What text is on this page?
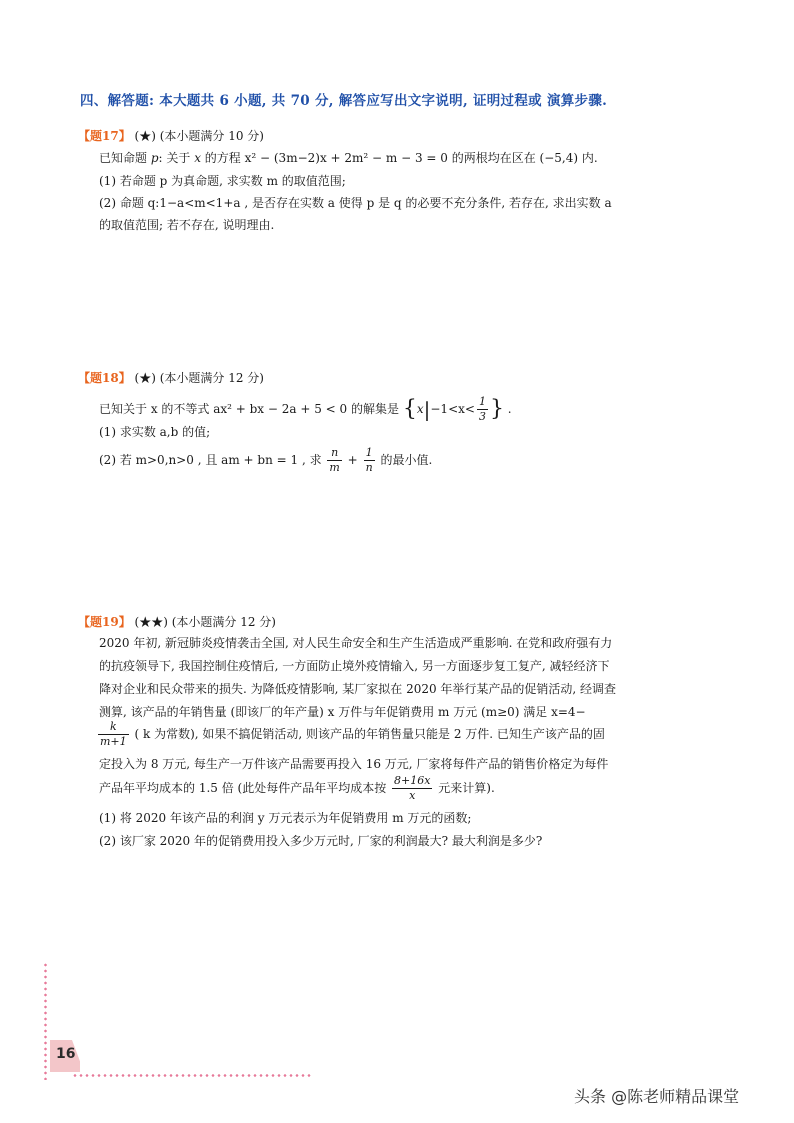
四、解答题: 本大题共 6 小题, 共 70 分, 解答应写出文字说明, 证明过程或 演算步骤.
【题17】 (★) (本小题满分 10 分)
已知命题 p: 关于 x 的方程 x² − (3m−2)x + 2m² − m − 3 = 0 的两根均在区在 (−5,4) 内.
(1) 若命题 p 为真命题, 求实数 m 的取值范围;
(2) 命题 q:1−a<m<1+a , 是否存在实数 a 使得 p 是 q 的必要不充分条件, 若存在, 求出实数 a
的取值范围; 若不存在, 说明理由.
【题18】 (★) (本小题满分 12 分)
已知关于 x 的不等式 ax² + bx − 2a + 5 < 0 的解集是 {$x|-1<x< \frac{1}{3}$ } .
(1) 求实数 a,b 的值;
(2) 若 m>0,n>0 , 且 am + bn = 1 , 求 $\frac{n}{m} + \frac{1}{n}$ 的最小值.
【题19】 (★★) (本小题满分 12 分)
2020 年初, 新冠肺炎疫情袭击全国, 对人民生命安全和生产生活造成严重影响. 在党和政府强有力
的抗疫领导下, 我国控制住疫情后, 一方面防止境外疫情输入, 另一方面逐步复工复产, 减轻经济下
降对企业和民众带来的损失. 为降低疫情影响, 某厂家拟在 2020 年举行某产品的促销活动, 经调查
测算, 该产品的年销售量 (即该厂的年产量) x 万件与年促销费用 m 万元 (m≥0) 满足 x=4−
$\frac{k}{m+1}$ ( k 为常数), 如果不搞促销活动, 则该产品的年销售量只能是 2 万件. 已知生产该产品的固
定投入为 8 万元, 每生产一万件该产品需要再投入 16 万元, 厂家将每件产品的销售价格定为每件
产品年平均成本的 1.5 倍 (此处每件产品年平均成本按 $\frac{8+16x}{x}$ 元来计算).
(1) 将 2020 年该产品的利润 y 万元表示为年促销费用 m 万元的函数;
(2) 该厂家 2020 年的促销费用投入多少万元时, 厂家的利润最大? 最大利润是多少?
16
头条 @陈老师精品课堂
